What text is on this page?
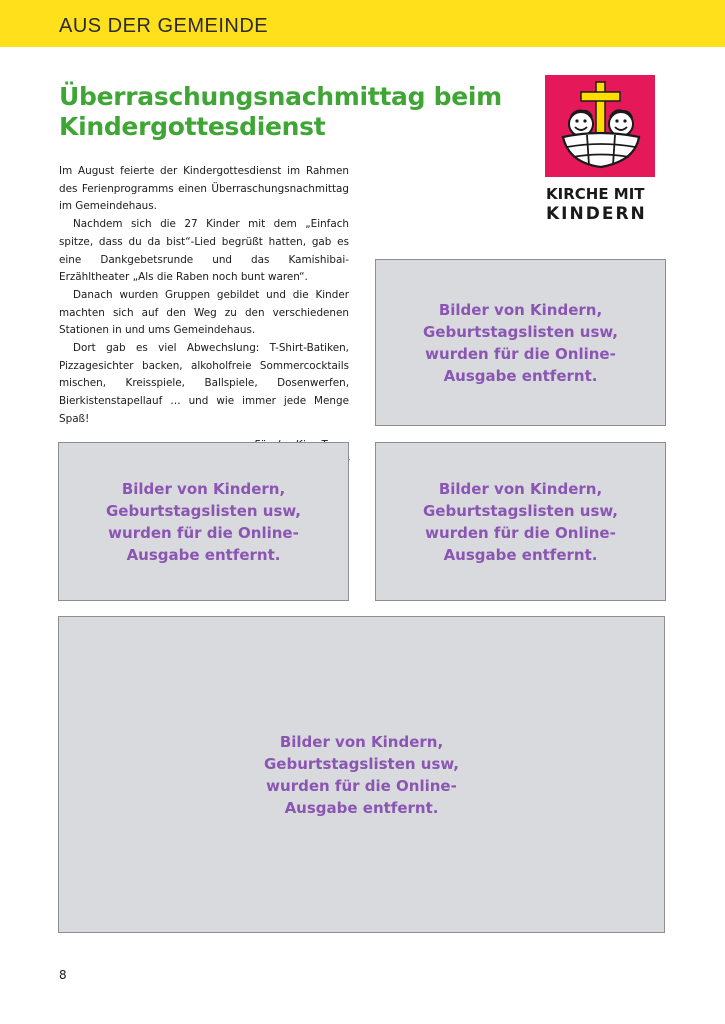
AUS DER GEMEINDE
Überraschungsnachmittag beim Kindergottesdienst
KIRCHE MIT
KINDERN

Im August feierte der Kindergottesdienst im Rahmen des Ferienprogramms einen Überraschungsnachmittag im Gemeindehaus.

Nachdem sich die 27 Kinder mit dem „Einfach spitze, dass du da bist“-Lied begrüßt hatten, gab es eine Dankgebetsrunde und das Kamishibai-Erzähltheater „Als die Raben noch bunt waren“.

Danach wurden Gruppen gebildet und die Kinder machten sich auf den Weg zu den verschiedenen Stationen in und ums Gemeindehaus.

Dort gab es viel Abwechslung: T-Shirt-Batiken, Pizzagesichter backen, alkoholfreie Sommercocktails mischen, Kreisspiele, Ballspiele, Dosenwerfen, Bierkistenstapellauf … und wie immer jede Menge Spaß!

Bilder von Kindern, Geburtstagslisten usw, wurden für die Online-Ausgabe entfernt.
Bilder von Kindern, Geburtstagslisten usw, wurden für die Online-Ausgabe entfernt.
Bilder von Kindern, Geburtstagslisten usw, wurden für die Online-Ausgabe entfernt.
Bilder von Kindern, Geburtstagslisten usw, wurden für die Online-Ausgabe entfernt.
8
